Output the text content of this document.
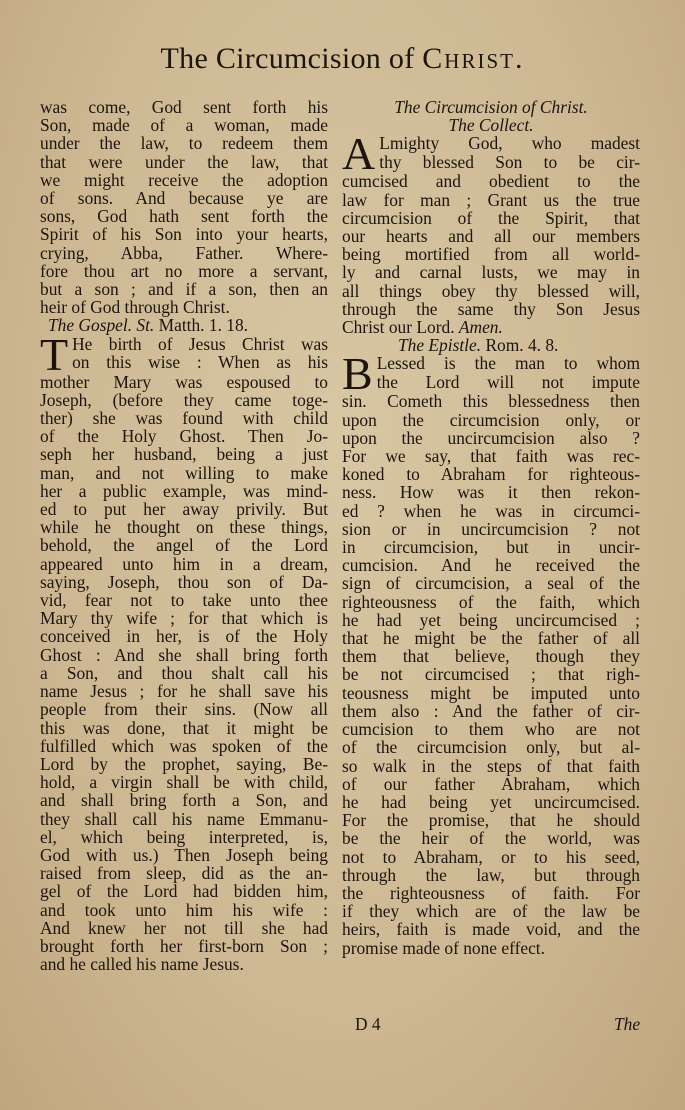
The Circumcision of Christ.
was come, God sent forth his
Son, made of a woman, made
under the law, to redeem them
that were under the law, that
we might receive the adoption
of sons. And because ye are
sons, God hath sent forth the
Spirit of his Son into your hearts,
crying, Abba, Father. Where-
fore thou art no more a servant,
but a son ; and if a son, then an
heir of God through Christ.
The Gospel. St. Matth. 1. 18.
T He birth of Jesus Christ was
on this wise : When as his
mother Mary was espoused to
Joseph, (before they came toge-
ther) she was found with child
of the Holy Ghost. Then Jo-
seph her husband, being a just
man, and not willing to make
her a public example, was mind-
ed to put her away privily. But
while he thought on these things,
behold, the angel of the Lord
appeared unto him in a dream,
saying, Joseph, thou son of Da-
vid, fear not to take unto thee
Mary thy wife ; for that which is
conceived in her, is of the Holy
Ghost : And she shall bring forth
a Son, and thou shalt call his
name Jesus ; for he shall save his
people from their sins. (Now all
this was done, that it might be
fulfilled which was spoken of the
Lord by the prophet, saying, Be-
hold, a virgin shall be with child,
and shall bring forth a Son, and
they shall call his name Emmanu-
el, which being interpreted, is,
God with us.) Then Joseph being
raised from sleep, did as the an-
gel of the Lord had bidden him,
and took unto him his wife :
And knew her not till she had
brought forth her first-born Son ;
and he called his name Jesus.
The Circumcision of Christ.
The Collect.
A Lmighty God, who madest
thy blessed Son to be cir-
cumcised and obedient to the
law for man ; Grant us the true
circumcision of the Spirit, that
our hearts and all our members
being mortified from all world-
ly and carnal lusts, we may in
all things obey thy blessed will,
through the same thy Son Jesus
Christ our Lord. Amen.
The Epistle. Rom. 4. 8.
B Lessed is the man to whom
the Lord will not impute
sin. Cometh this blessedness then
upon the circumcision only, or
upon the uncircumcision also ?
For we say, that faith was rec-
koned to Abraham for righteous-
ness. How was it then rekon-
ed ? when he was in circumci-
sion or in uncircumcision ? not
in circumcision, but in uncir-
cumcision. And he received the
sign of circumcision, a seal of the
righteousness of the faith, which
he had yet being uncircumcised ;
that he might be the father of all
them that believe, though they
be not circumcised ; that righ-
teousness might be imputed unto
them also : And the father of cir-
cumcision to them who are not
of the circumcision only, but al-
so walk in the steps of that faith
of our father Abraham, which
he had being yet uncircumcised.
For the promise, that he should
be the heir of the world, was
not to Abraham, or to his seed,
through the law, but through
the righteousness of faith. For
if they which are of the law be
heirs, faith is made void, and the
promise made of none effect.
D 4	The
